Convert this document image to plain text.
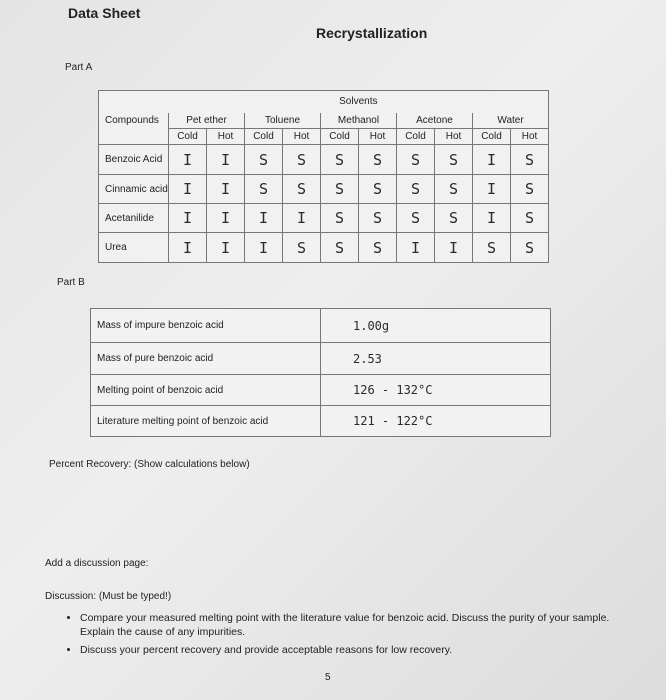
Data Sheet
Recrystallization
Part A
	Solvents									
Compounds	Pet ether		Toluene		Methanol		Acetone		Water	
	Cold	Hot	Cold	Hot	Cold	Hot	Cold	Hot	Cold	Hot
Benzoic Acid	I	I	S	S	S	S	S	S	I	S
Cinnamic acid	I	I	S	S	S	S	S	S	I	S
Acetanilide	I	I	I	I	S	S	S	S	I	S
Urea	I	I	I	S	S	S	I	I	S	S
Part B
Mass of impure benzoic acid	1.00g
Mass of pure benzoic acid	2.53
Melting point of benzoic acid	126 - 132°C
Literature melting point of benzoic acid	121 - 122°C
Percent Recovery: (Show calculations below)
Add a discussion page:
Discussion: (Must be typed!)
• Compare your measured melting point with the literature value for benzoic acid. Discuss the purity of your sample. Explain the cause of any impurities.
• Discuss your percent recovery and provide acceptable reasons for low recovery.
5
